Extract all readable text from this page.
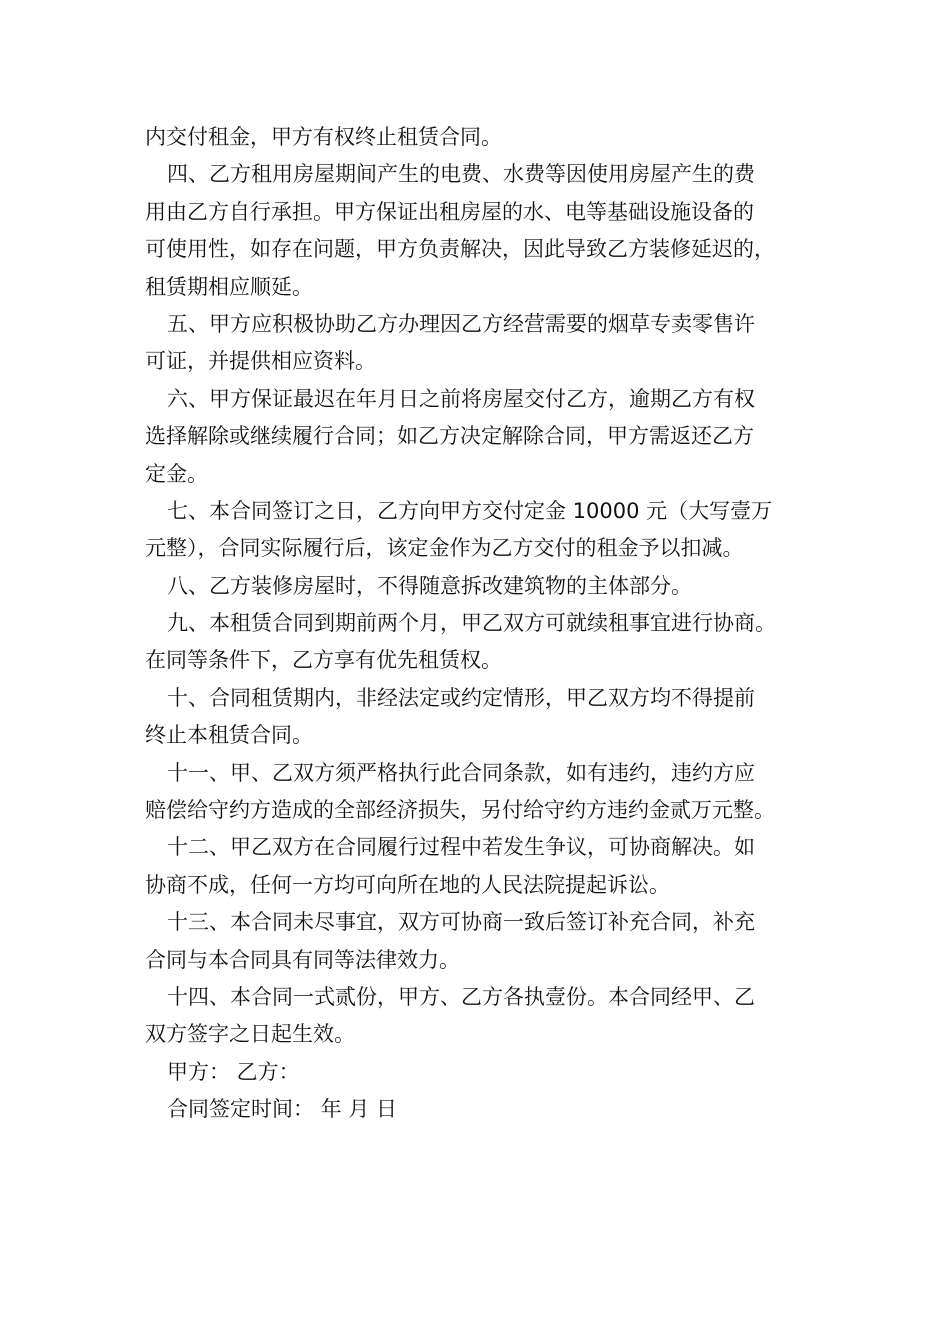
内交付租金，甲方有权终止租赁合同。
四、乙方租用房屋期间产生的电费、水费等因使用房屋产生的费
用由乙方自行承担。甲方保证出租房屋的水、电等基础设施设备的
可使用性，如存在问题，甲方负责解决，因此导致乙方装修延迟的，
租赁期相应顺延。
五、甲方应积极协助乙方办理因乙方经营需要的烟草专卖零售许
可证，并提供相应资料。
六、甲方保证最迟在年月日之前将房屋交付乙方，逾期乙方有权
选择解除或继续履行合同；如乙方决定解除合同，甲方需返还乙方
定金。
七、本合同签订之日，乙方向甲方交付定金 10000 元（大写壹万
元整），合同实际履行后，该定金作为乙方交付的租金予以扣减。
八、乙方装修房屋时，不得随意拆改建筑物的主体部分。
九、本租赁合同到期前两个月，甲乙双方可就续租事宜进行协商。
在同等条件下，乙方享有优先租赁权。
十、合同租赁期内，非经法定或约定情形，甲乙双方均不得提前
终止本租赁合同。
十一、甲、乙双方须严格执行此合同条款，如有违约，违约方应
赔偿给守约方造成的全部经济损失，另付给守约方违约金贰万元整。
十二、甲乙双方在合同履行过程中若发生争议，可协商解决。如
协商不成，任何一方均可向所在地的人民法院提起诉讼。
十三、本合同未尽事宜，双方可协商一致后签订补充合同，补充
合同与本合同具有同等法律效力。
十四、本合同一式贰份，甲方、乙方各执壹份。本合同经甲、乙
双方签字之日起生效。
甲方： 乙方：
合同签定时间： 年 月 日
